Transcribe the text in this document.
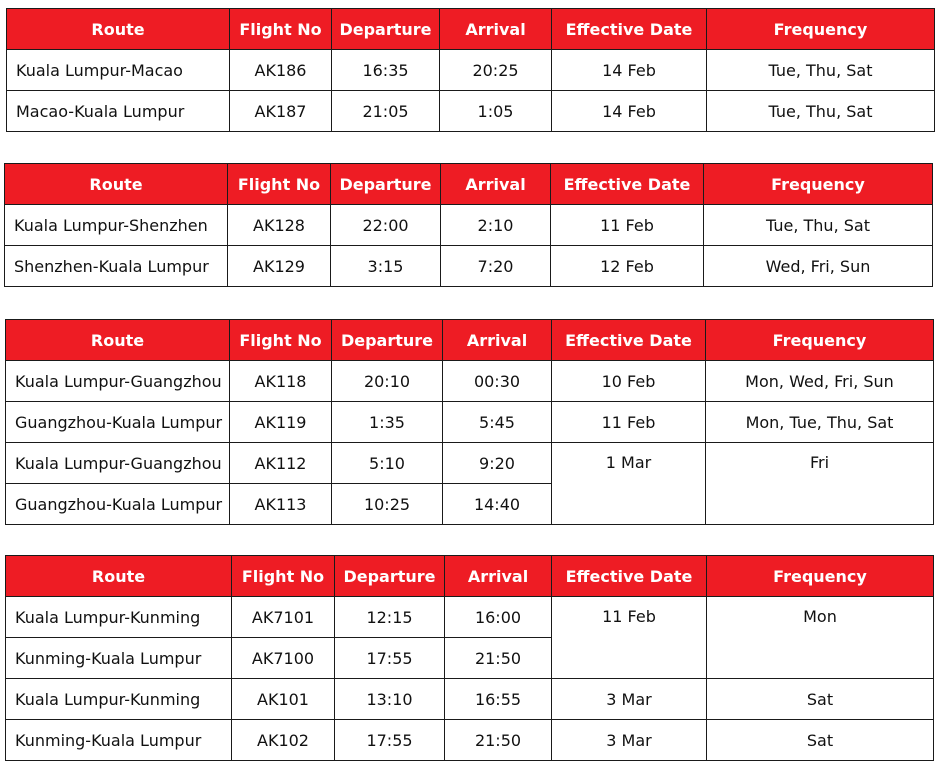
Route	Flight No	Departure	Arrival	Effective Date	Frequency
Kuala Lumpur-Macao	AK186	16:35	20:25	14 Feb	Tue, Thu, Sat
Macao-Kuala Lumpur	AK187	21:05	1:05	14 Feb	Tue, Thu, Sat
Route	Flight No	Departure	Arrival	Effective Date	Frequency
Kuala Lumpur-Shenzhen	AK128	22:00	2:10	11 Feb	Tue, Thu, Sat
Shenzhen-Kuala Lumpur	AK129	3:15	7:20	12 Feb	Wed, Fri, Sun
Route	Flight No	Departure	Arrival	Effective Date	Frequency
Kuala Lumpur-Guangzhou	AK118	20:10	00:30	10 Feb	Mon, Wed, Fri, Sun
Guangzhou-Kuala Lumpur	AK119	1:35	5:45	11 Feb	Mon, Tue, Thu, Sat
Kuala Lumpur-Guangzhou	AK112	5:10	9:20	1 Mar	Fri
Guangzhou-Kuala Lumpur	AK113	10:25	14:40		
Route	Flight No	Departure	Arrival	Effective Date	Frequency
Kuala Lumpur-Kunming	AK7101	12:15	16:00	11 Feb	Mon
Kunming-Kuala Lumpur	AK7100	17:55	21:50		
Kuala Lumpur-Kunming	AK101	13:10	16:55	3 Mar	Sat
Kunming-Kuala Lumpur	AK102	17:55	21:50	3 Mar	Sat
